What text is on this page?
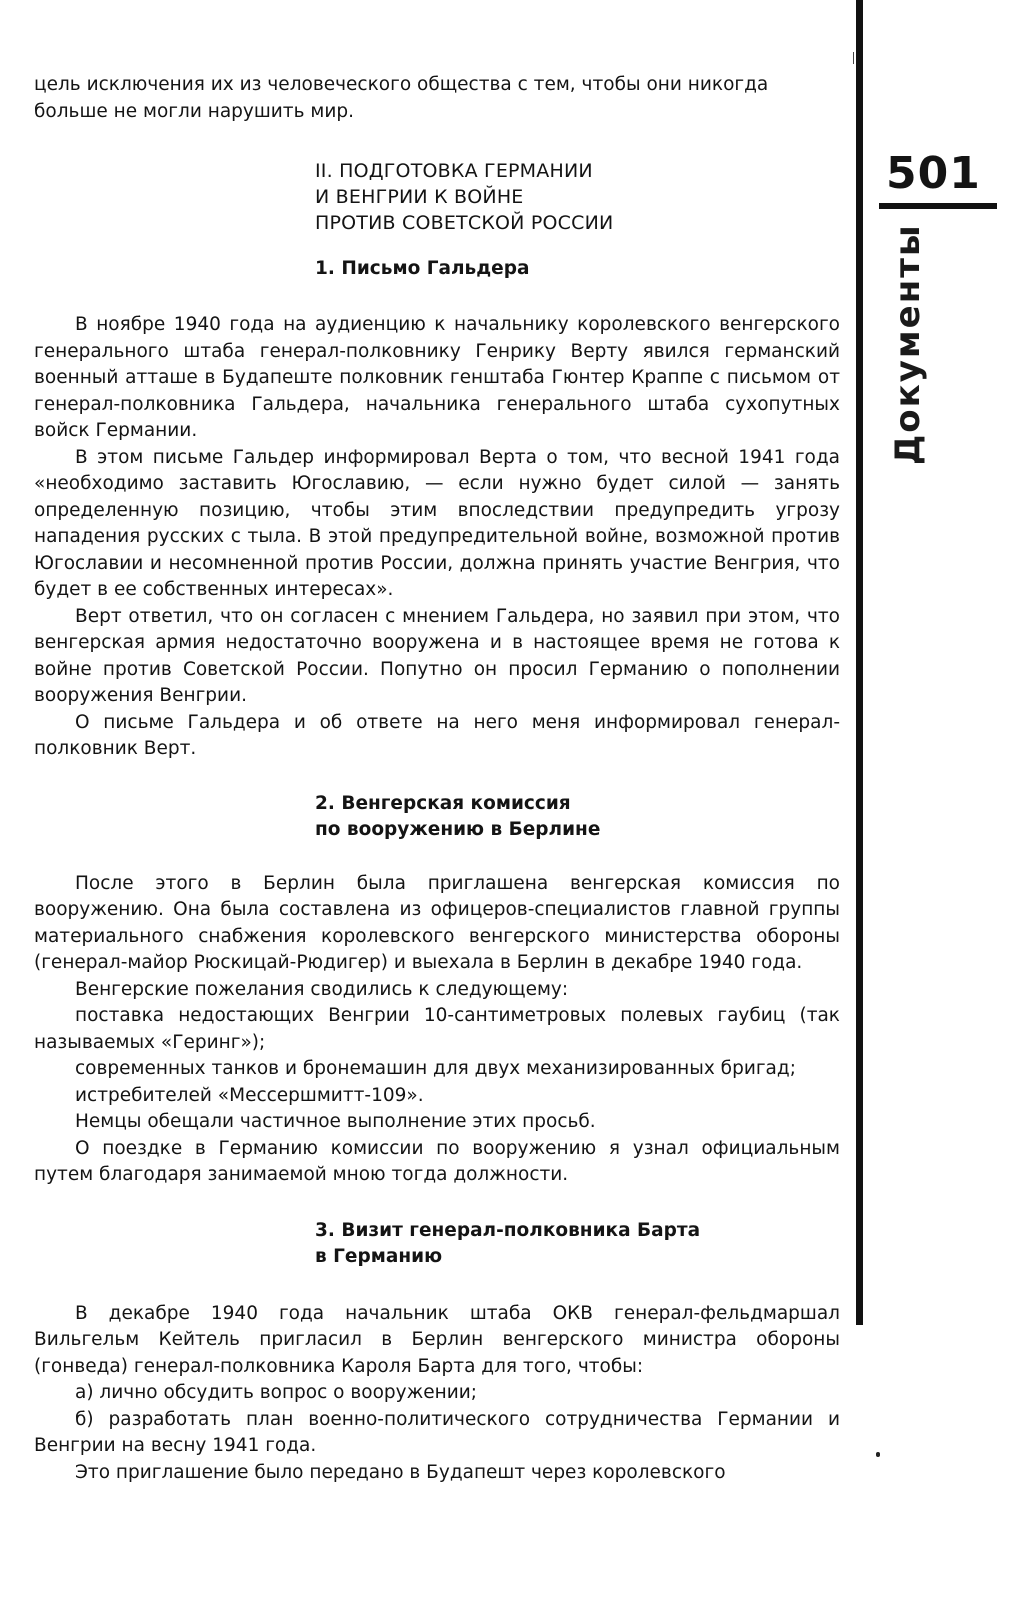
501
Документы

цель исключения их из человеческого общества с тем, чтобы они никогда
больше не могли нарушить мир.

II. ПОДГОТОВКА ГЕРМАНИИ
И ВЕНГРИИ К ВОЙНЕ
ПРОТИВ СОВЕТСКОЙ РОССИИ
1. Письмо Гальдера

В ноябре 1940 года на аудиенцию к начальнику королевского венгерского генерального штаба генерал-полковнику Генрику Верту явился германский военный атташе в Будапеште полковник генштаба Гюнтер Краппе с письмом от генерал-полковника Гальдера, начальника генерального штаба сухопутных войск Германии.

В этом письме Гальдер информировал Верта о том, что весной 1941 года «необходимо заставить Югославию, — если нужно будет силой — занять определенную позицию, чтобы этим впоследствии предупредить угрозу нападения русских с тыла. В этой предупредительной войне, возможной против Югославии и несомненной против России, должна принять участие Венгрия, что будет в ее собственных интересах».

Верт ответил, что он согласен с мнением Гальдера, но заявил при этом, что венгерская армия недостаточно вооружена и в настоящее время не готова к войне против Советской России. Попутно он просил Германию о пополнении вооружения Венгрии.

О письме Гальдера и об ответе на него меня информировал генерал-полковник Верт.

2. Венгерская комиссия
по вооружению в Берлине

После этого в Берлин была приглашена венгерская комиссия по вооружению. Она была составлена из офицеров-специалистов главной группы материального снабжения королевского венгерского министерства обороны (генерал-майор Рюскицай-Рюдигер) и выехала в Берлин в декабре 1940 года.

Венгерские пожелания сводились к следующему:

поставка недостающих Венгрии 10-сантиметровых полевых гаубиц (так называемых «Геринг»);

современных танков и бронемашин для двух механизированных бригад;

истребителей «Мессершмитт-109».

Немцы обещали частичное выполнение этих просьб.

О поездке в Германию комиссии по вооружению я узнал официальным путем благодаря занимаемой мною тогда должности.

3. Визит генерал-полковника Барта
в Германию

В декабре 1940 года начальник штаба ОКВ генерал-фельдмаршал Вильгельм Кейтель пригласил в Берлин венгерского министра обороны (гонведа) генерал-полковника Кароля Барта для того, чтобы:

а) лично обсудить вопрос о вооружении;

б) разработать план военно-политического сотрудничества Германии и Венгрии на весну 1941 года.

Это приглашение было передано в Будапешт через королевского
